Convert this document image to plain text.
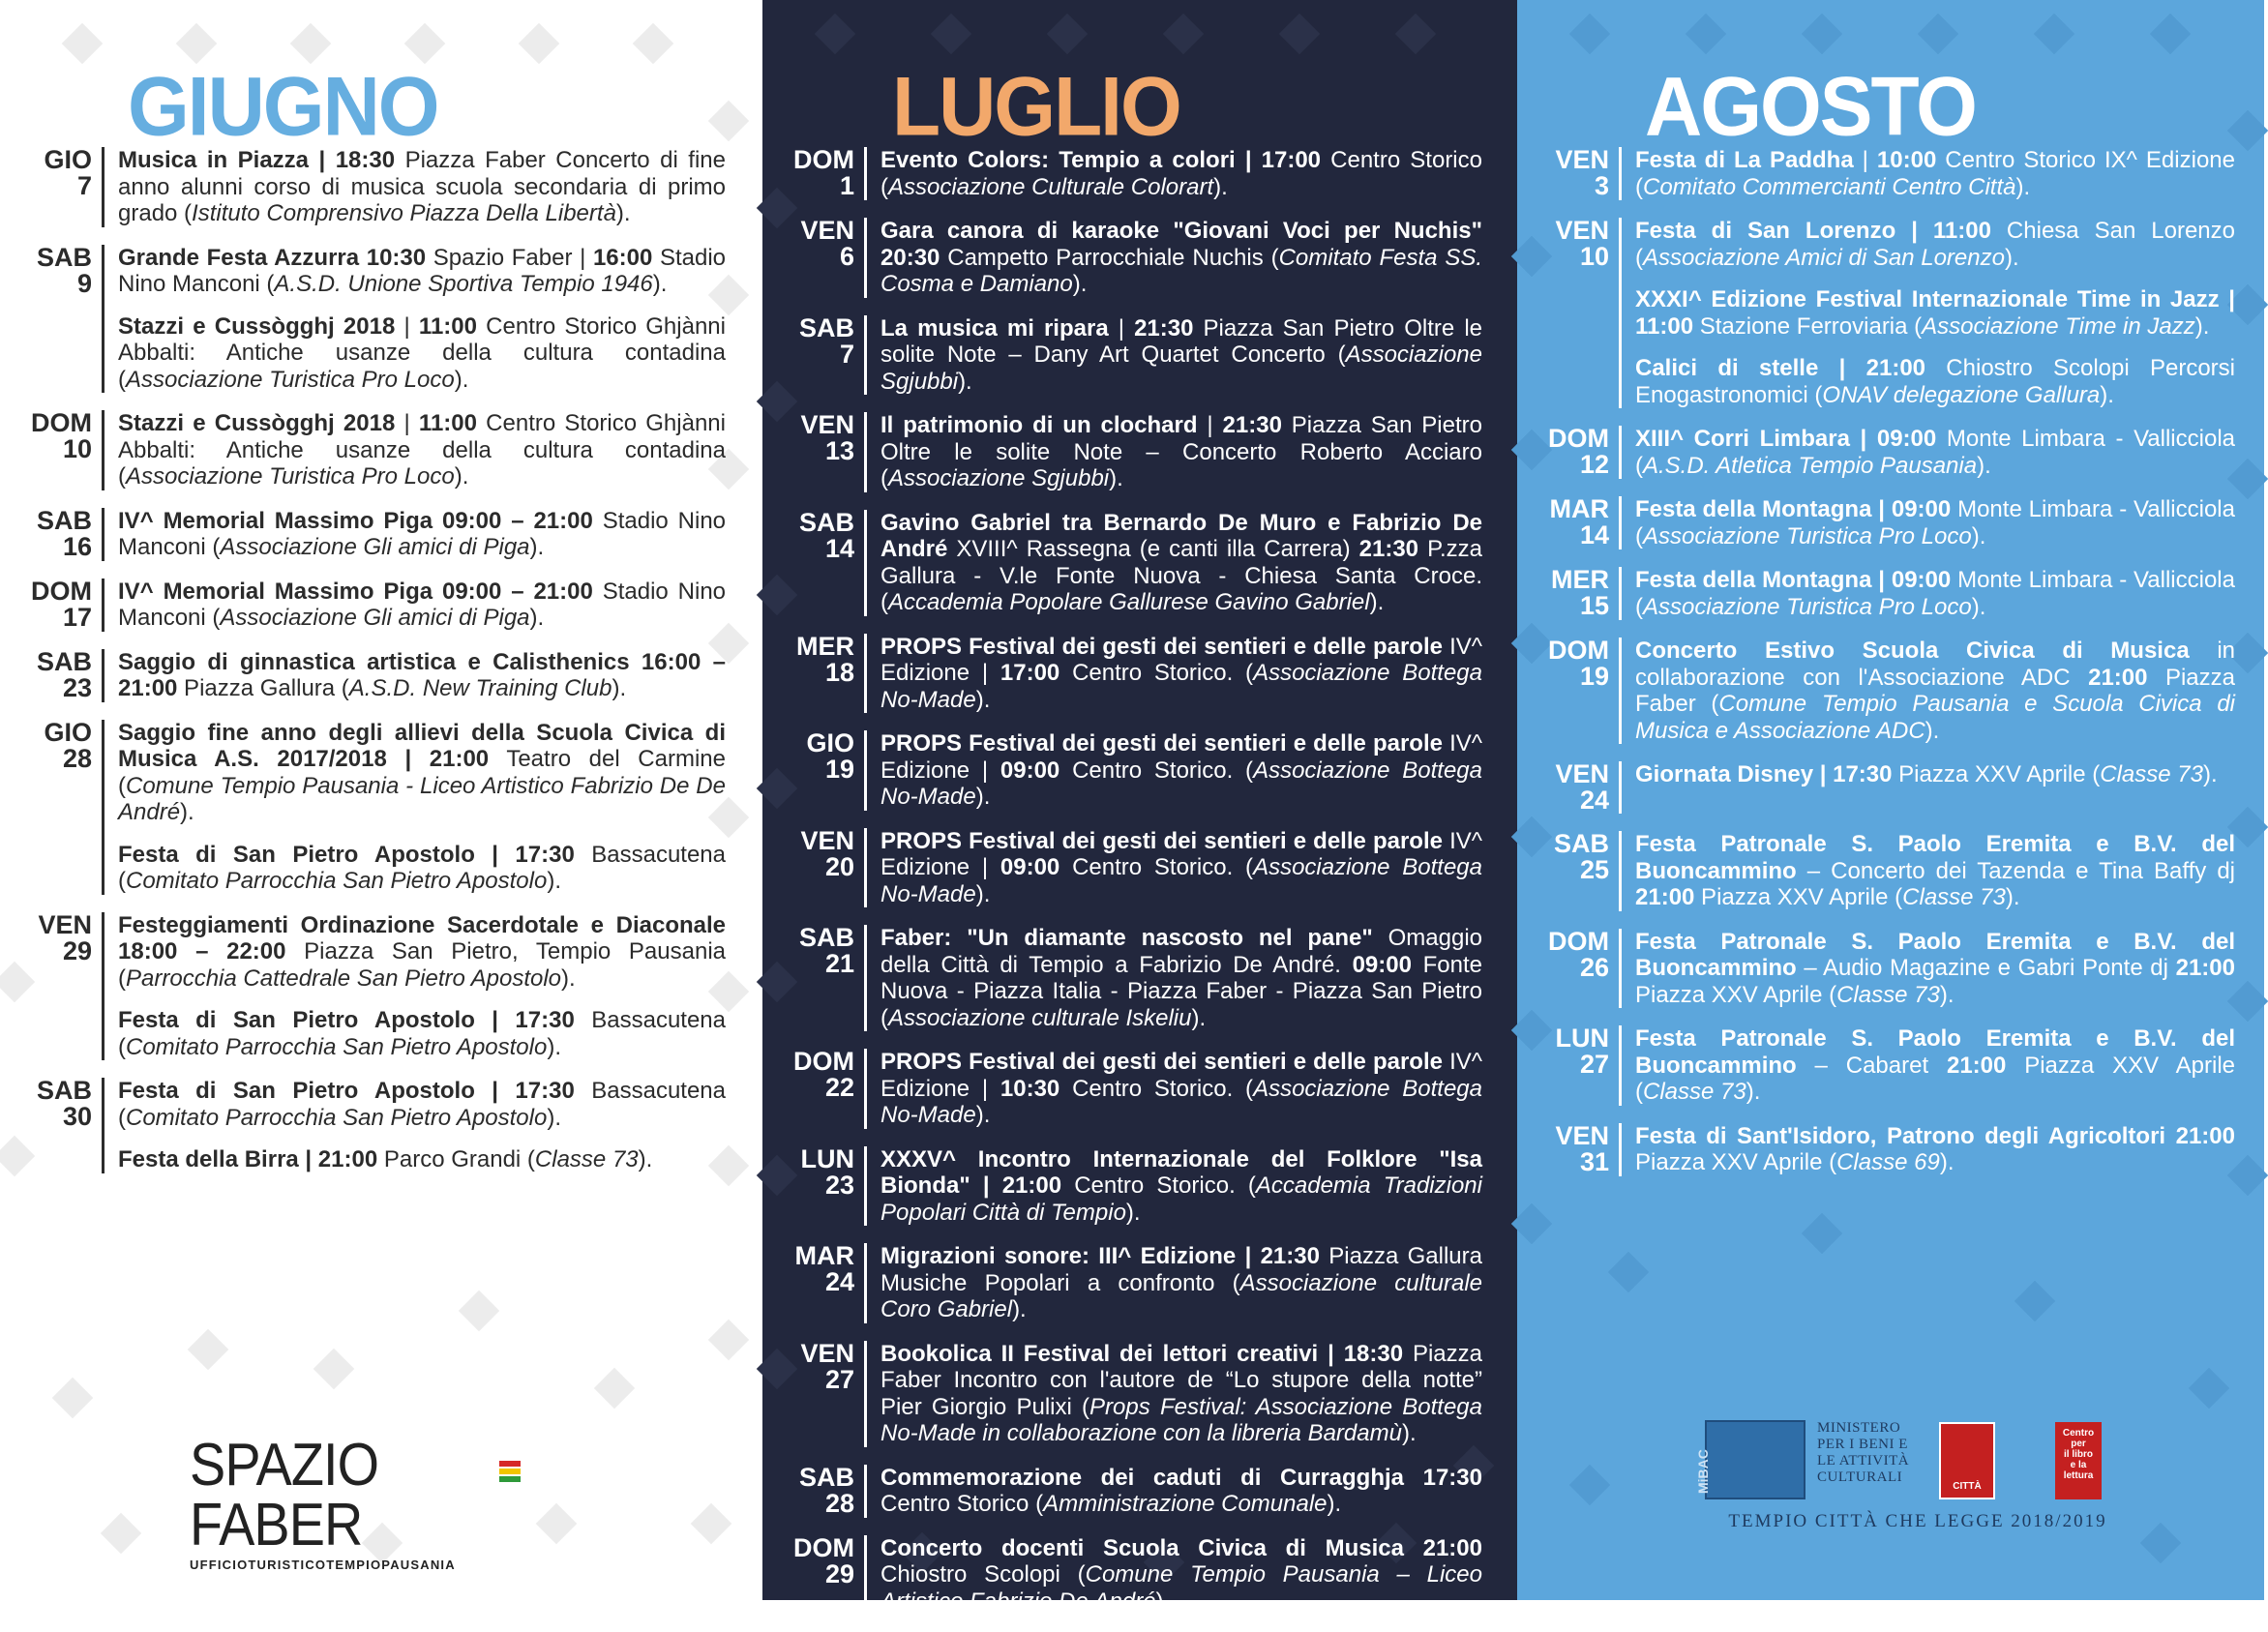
GIUGNO
GIO
7
Musica in Piazza | 18:30 Piazza Faber Concerto di fine anno alunni corso di musica scuola secondaria di primo grado (Istituto Comprensivo Piazza Della Libertà).
SAB
9
Grande Festa Azzurra 10:30 Spazio Faber | 16:00 Stadio Nino Manconi (A.S.D. Unione Sportiva Tempio 1946).
Stazzi e Cussògghj 2018 | 11:00 Centro Storico Ghjànni Abbalti: Antiche usanze della cultura contadina (Associazione Turistica Pro Loco).
DOM
10
Stazzi e Cussògghj 2018 | 11:00 Centro Storico Ghjànni Abbalti: Antiche usanze della cultura contadina (Associazione Turistica Pro Loco).
SAB
16
IV^ Memorial Massimo Piga 09:00 – 21:00 Stadio Nino Manconi (Associazione Gli amici di Piga).
DOM
17
IV^ Memorial Massimo Piga 09:00 – 21:00 Stadio Nino Manconi (Associazione Gli amici di Piga).
SAB
23
Saggio di ginnastica artistica e Calisthenics 16:00 – 21:00 Piazza Gallura (A.S.D. New Training Club).
GIO
28
Saggio fine anno degli allievi della Scuola Civica di Musica A.S. 2017/2018 | 21:00 Teatro del Carmine (Comune Tempio Pausania - Liceo Artistico Fabrizio De De André).
Festa di San Pietro Apostolo | 17:30 Bassacutena (Comitato Parrocchia San Pietro Apostolo).
VEN
29
Festeggiamenti Ordinazione Sacerdotale e Diaconale 18:00 – 22:00 Piazza San Pietro, Tempio Pausania (Parrocchia Cattedrale San Pietro Apostolo).
Festa di San Pietro Apostolo | 17:30 Bassacutena (Comitato Parrocchia San Pietro Apostolo).
SAB
30
Festa di San Pietro Apostolo | 17:30 Bassacutena (Comitato Parrocchia San Pietro Apostolo).
Festa della Birra | 21:00 Parco Grandi (Classe 73).
SPAZIO FABER
UFFICIOTURISTICOTEMPIOPAUSANIA
LUGLIO
DOM
1
Evento Colors: Tempio a colori | 17:00 Centro Storico (Associazione Culturale Colorart).
VEN
6
Gara canora di karaoke "Giovani Voci per Nuchis" 20:30 Campetto Parrocchiale Nuchis (Comitato Festa SS. Cosma e Damiano).
SAB
7
La musica mi ripara | 21:30 Piazza San Pietro Oltre le solite Note – Dany Art Quartet Concerto (Associazione Sgjubbi).
VEN
13
Il patrimonio di un clochard | 21:30 Piazza San Pietro Oltre le solite Note – Concerto Roberto Acciaro (Associazione Sgjubbi).
SAB
14
Gavino Gabriel tra Bernardo De Muro e Fabrizio De André XVIII^ Rassegna (e canti illa Carrera) 21:30 P.zza Gallura - V.le Fonte Nuova - Chiesa Santa Croce. (Accademia Popolare Gallurese Gavino Gabriel).
MER
18
PROPS Festival dei gesti dei sentieri e delle parole IV^ Edizione | 17:00 Centro Storico. (Associazione Bottega No-Made).
GIO
19
PROPS Festival dei gesti dei sentieri e delle parole IV^ Edizione | 09:00 Centro Storico. (Associazione Bottega No-Made).
VEN
20
PROPS Festival dei gesti dei sentieri e delle parole IV^ Edizione | 09:00 Centro Storico. (Associazione Bottega No-Made).
SAB
21
Faber: "Un diamante nascosto nel pane" Omaggio della Città di Tempio a Fabrizio De André. 09:00 Fonte Nuova - Piazza Italia - Piazza Faber - Piazza San Pietro (Associazione culturale Iskeliu).
DOM
22
PROPS Festival dei gesti dei sentieri e delle parole IV^ Edizione | 10:30 Centro Storico. (Associazione Bottega No-Made).
LUN
23
XXXV^ Incontro Internazionale del Folklore "Isa Bionda" | 21:00 Centro Storico. (Accademia Tradizioni Popolari Città di Tempio).
MAR
24
Migrazioni sonore: III^ Edizione | 21:30 Piazza Gallura Musiche Popolari a confronto (Associazione culturale Coro Gabriel).
VEN
27
Bookolica II Festival dei lettori creativi | 18:30 Piazza Faber Incontro con l'autore de “Lo stupore della notte” Pier Giorgio Pulixi (Props Festival: Associazione Bottega No-Made in collaborazione con la libreria Bardamù).
SAB
28
Commemorazione dei caduti di Curragghja 17:30 Centro Storico (Amministrazione Comunale).
DOM
29
Concerto docenti Scuola Civica di Musica 21:00 Chiostro Scolopi (Comune Tempio Pausania – Liceo Artistico Fabrizio De André).
AGOSTO
VEN
3
Festa di La Paddha | 10:00 Centro Storico IX^ Edizione (Comitato Commercianti Centro Città).
VEN
10
Festa di San Lorenzo | 11:00 Chiesa San Lorenzo (Associazione Amici di San Lorenzo).
XXXI^ Edizione Festival Internazionale Time in Jazz | 11:00 Stazione Ferroviaria (Associazione Time in Jazz).
Calici di stelle | 21:00 Chiostro Scolopi Percorsi Enogastronomici (ONAV delegazione Gallura).
DOM
12
XIII^ Corri Limbara | 09:00 Monte Limbara - Vallicciola (A.S.D. Atletica Tempio Pausania).
MAR
14
Festa della Montagna | 09:00 Monte Limbara - Vallicciola (Associazione Turistica Pro Loco).
MER
15
Festa della Montagna | 09:00 Monte Limbara - Vallicciola (Associazione Turistica Pro Loco).
DOM
19
Concerto Estivo Scuola Civica di Musica in collaborazione con l'Associazione ADC 21:00 Piazza Faber (Comune Tempio Pausania e Scuola Civica di Musica e Associazione ADC).
VEN
24
Giornata Disney | 17:30 Piazza XXV Aprile (Classe 73).
SAB
25
Festa Patronale S. Paolo Eremita e B.V. del Buoncammino – Concerto dei Tazenda e Tina Baffy dj 21:00 Piazza XXV Aprile (Classe 73).
DOM
26
Festa Patronale S. Paolo Eremita e B.V. del Buoncammino – Audio Magazine e Gabri Ponte dj 21:00 Piazza XXV Aprile (Classe 73).
LUN
27
Festa Patronale S. Paolo Eremita e B.V. del Buoncammino – Cabaret 21:00 Piazza XXV Aprile (Classe 73).
VEN
31
Festa di Sant'Isidoro, Patrono degli Agricoltori 21:00 Piazza XXV Aprile (Classe 69).
MiBAC
MINISTERO
PER I BENI E
LE ATTIVITÀ
CULTURALI
CITTÀ
Centro
per
il libro
e la
lettura
TEMPIO CITTÀ CHE LEGGE 2018/2019
